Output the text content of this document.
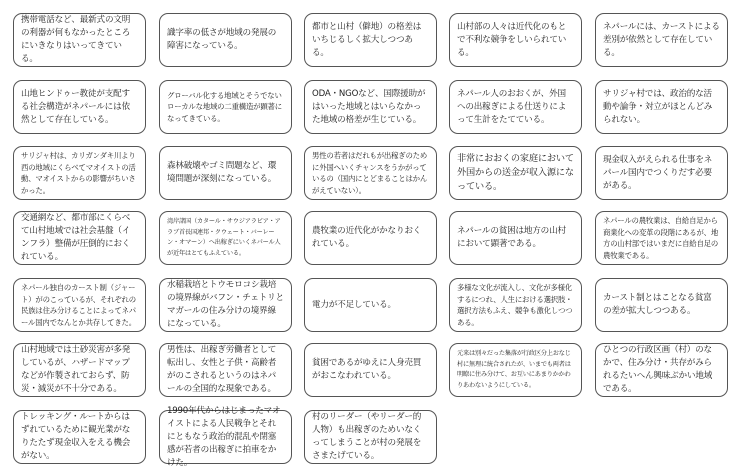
携帯電話など、最新式の文明の利器が何もなかったところにいきなりはいってきている。
識字率の低さが地域の発展の障害になっている。
都市と山村（僻地）の格差はいちじるしく拡大しつつある。
山村部の人々は近代化のもとで不利な競争をしいられている。
ネパールには、カーストによる差別が依然として存在している。
山地ヒンドゥー教徒が支配する社会構造がネパールには依然として存在している。
グローバル化する地域とそうでないローカルな地域の二重構造が顕著になってきている。
ODA・NGOなど、国際援助がはいった地域とはいらなかった地域の格差が生じている。
ネパール人のおおくが、外国への出稼ぎによる仕送りによって生計をたてている。
サリジャ村では、政治的な活動や論争・対立がほとんどみられない。
サリジャ村は、カリガンダキ川より西の地域にくらべてマオイストの活動、マオイストからの影響がちいさかった。
森林破壊やゴミ問題など、環境問題が深刻になっている。
男性の若者はだれもが出稼ぎのために外国へいくチャンスをうかがっているの（国内にとどまることはかんがえていない）。
非常におおくの家庭において外国からの送金が収入源になっている。
現金収入がえられる仕事をネパール国内でつくりだす必要がある。
交通網など、都市部にくらべて山村地域では社会基盤（インフラ）整備が圧倒的におくれている。
湾岸諸国（カタール・サウジアラビア・アラブ首長国連邦・クウェート・バーレーン・オマーン）へ出稼ぎにいくネパール人が近年はとてもふえている。
農牧業の近代化がかなりおくれている。
ネパールの貧困は地方の山村において顕著である。
ネパールの農牧業は、自給自足から商業化への変革の段階にあるが、地方の山村部ではいまだに自給自足の農牧業である。
ネパール独自のカースト制（ジャート）がのこっているが、それぞれの民族は住み分けることによってネパール国内でなんとか共存してきた。
水稲栽培とトウモロコシ栽培の境界線がバフン・チェトリとマガールの住み分けの境界線になっている。
電力が不足している。
多様な文化が流入し、文化が多様化するにつれ、人生における選択肢・選択方法もふえ、競争も激化しつつある。
カースト制とはことなる貧富の差が拡大しつつある。
山村地域では土砂災害が多発しているが、ハザードマップなどが作製されておらず、防災・減災が不十分である。
男性は、出稼ぎ労働者として転出し、女性と子供・高齢者がのこされるというのはネパールの全国的な現象である。
貧困であるがゆえに人身売買がおこなわれている。
元来は別々だった集落が行政区分上おなじ村に無理に統合されたが、いまでも両者は明瞭に住み分けて、お互いにあまりかかわりあわないようにしている。
ひとつの行政区画（村）のなかで、住み分け・共存がみられるたいへん興味ぶかい地域である。
トレッキング・ルートからはずれているために観光業がなりたたず現金収入をえる機会がない。
1990年代からはじまったマオイストによる人民戦争とそれにともなう政治的混乱や閉塞感が若者の出稼ぎに拍車をかけた。
村のリーダー（やリーダー的人物）も出稼ぎのためいなくってしまうことが村の発展をさまたげている。
